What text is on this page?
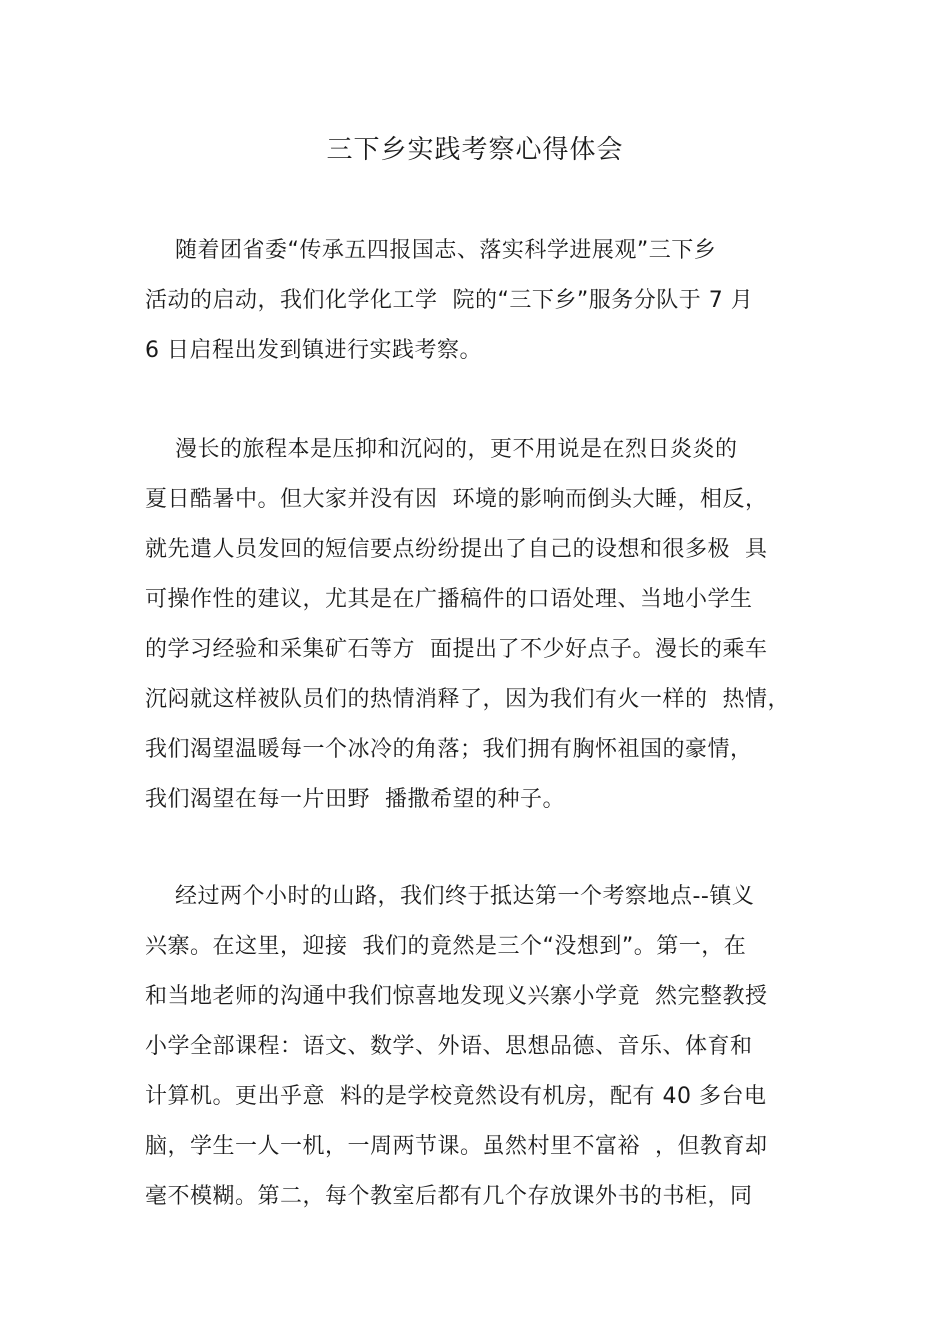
三下乡实践考察心得体会
随着团省委“传承五四报国志、落实科学进展观”三下乡
活动的启动，我们化学化工学  院的“三下乡”服务分队于 7 月
6 日启程出发到镇进行实践考察。
漫长的旅程本是压抑和沉闷的，更不用说是在烈日炎炎的
夏日酷暑中。但大家并没有因  环境的影响而倒头大睡，相反，
就先遣人员发回的短信要点纷纷提出了自己的设想和很多极  具
可操作性的建议，尤其是在广播稿件的口语处理、当地小学生
的学习经验和采集矿石等方  面提出了不少好点子。漫长的乘车
沉闷就这样被队员们的热情消释了，因为我们有火一样的  热情，
我们渴望温暖每一个冰冷的角落；我们拥有胸怀祖国的豪情，
我们渴望在每一片田野  播撒希望的种子。
经过两个小时的山路，我们终于抵达第一个考察地点--镇义
兴寨。在这里，迎接  我们的竟然是三个“没想到”。第一，在
和当地老师的沟通中我们惊喜地发现义兴寨小学竟  然完整教授
小学全部课程：语文、数学、外语、思想品德、音乐、体育和
计算机。更出乎意  料的是学校竟然设有机房，配有 40 多台电
脑，学生一人一机，一周两节课。虽然村里不富裕  ，但教育却
毫不模糊。第二，每个教室后都有几个存放课外书的书柜，同
